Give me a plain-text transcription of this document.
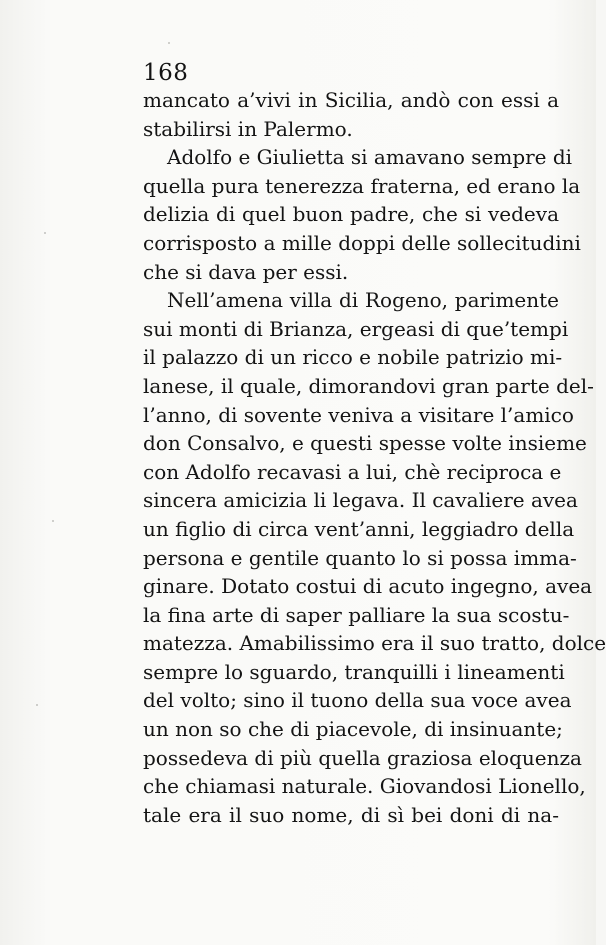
168
mancato a’vivi in Sicilia, andò con essi a
stabilirsi in Palermo.
Adolfo e Giulietta si amavano sempre di
quella pura tenerezza fraterna, ed erano la
delizia di quel buon padre, che si vedeva
corrisposto a mille doppi delle sollecitudini
che si dava per essi.
Nell’amena villa di Rogeno, parimente
sui monti di Brianza, ergeasi di que’tempi
il palazzo di un ricco e nobile patrizio mi-
lanese, il quale, dimorandovi gran parte del-
l’anno, di sovente veniva a visitare l’amico
don Consalvo, e questi spesse volte insieme
con Adolfo recavasi a lui, chè reciproca e
sincera amicizia li legava. Il cavaliere avea
un figlio di circa vent’anni, leggiadro della
persona e gentile quanto lo si possa imma-
ginare. Dotato costui di acuto ingegno, avea
la fina arte di saper palliare la sua scostu-
matezza. Amabilissimo era il suo tratto, dolce
sempre lo sguardo, tranquilli i lineamenti
del volto; sino il tuono della sua voce avea
un non so che di piacevole, di insinuante;
possedeva di più quella graziosa eloquenza
che chiamasi naturale. Giovandosi Lionello,
tale era il suo nome, di sì bei doni di na-
